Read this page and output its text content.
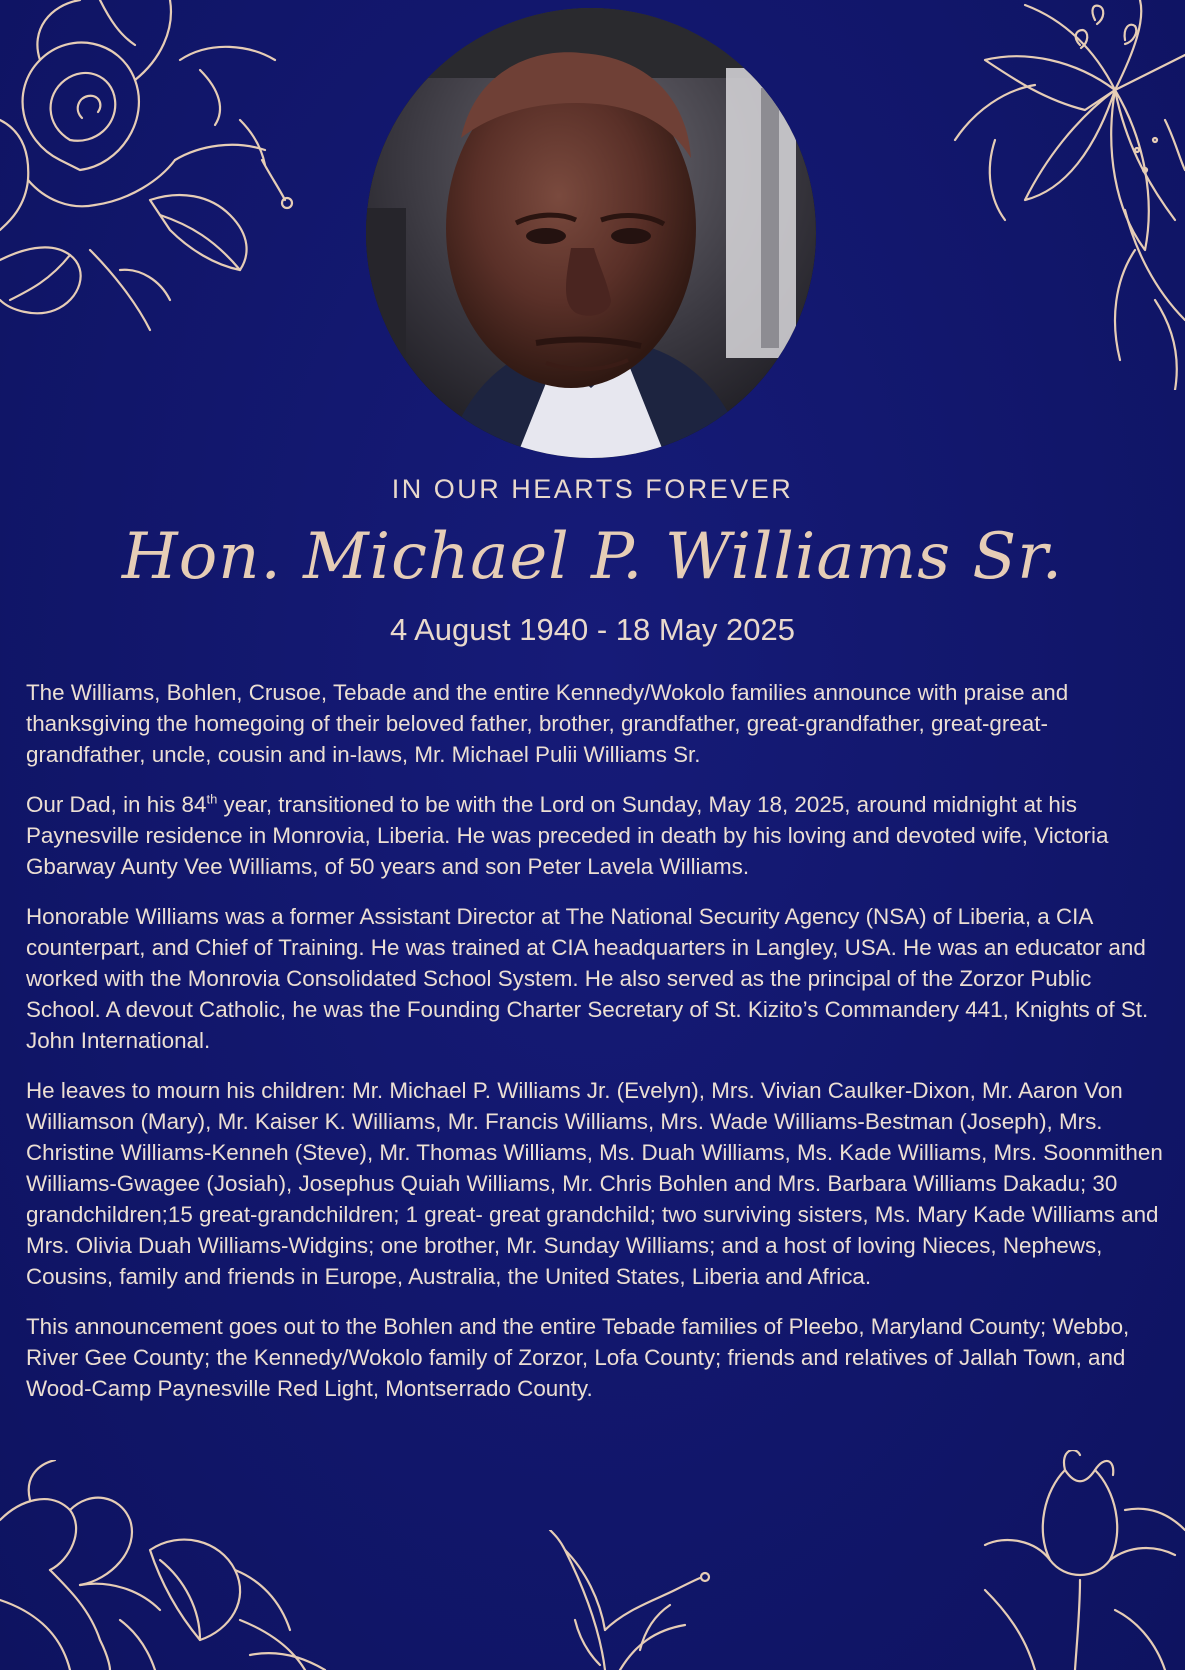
IN OUR HEARTS FOREVER
Hon. Michael P. Williams Sr.
4 August 1940 - 18 May 2025

The Williams, Bohlen, Crusoe, Tebade and the entire Kennedy/Wokolo families announce with praise and thanksgiving the homegoing of their beloved father, brother, grandfather, great-grandfather, great-great-grandfather, uncle, cousin and in-laws, Mr. Michael Pulii Williams Sr.

Our Dad, in his 84th year, transitioned to be with the Lord on Sunday, May 18, 2025, around midnight at his Paynesville residence in Monrovia, Liberia. He was preceded in death by his loving and devoted wife, Victoria Gbarway Aunty Vee Williams, of 50 years and son Peter Lavela Williams.

Honorable Williams was a former Assistant Director at The National Security Agency (NSA) of Liberia, a CIA counterpart, and Chief of Training. He was trained at CIA headquarters in Langley, USA. He was an educator and worked with the Monrovia Consolidated School System. He also served as the principal of the Zorzor Public School. A devout Catholic, he was the Founding Charter Secretary of St. Kizito’s Commandery 441, Knights of St. John International.

He leaves to mourn his children: Mr. Michael P. Williams Jr. (Evelyn), Mrs. Vivian Caulker-Dixon, Mr. Aaron Von Williamson (Mary), Mr. Kaiser K. Williams, Mr. Francis Williams, Mrs. Wade Williams-Bestman (Joseph), Mrs. Christine Williams-Kenneh (Steve), Mr. Thomas Williams, Ms. Duah Williams, Ms. Kade Williams, Mrs. Soonmithen Williams-Gwagee (Josiah), Josephus Quiah Williams, Mr. Chris Bohlen and Mrs. Barbara Williams Dakadu; 30 grandchildren;15 great-grandchildren; 1 great- great grandchild; two surviving sisters, Ms. Mary Kade Williams and Mrs. Olivia Duah Williams-Widgins; one brother, Mr. Sunday Williams; and a host of loving Nieces, Nephews, Cousins, family and friends in Europe, Australia, the United States, Liberia and Africa.

This announcement goes out to the Bohlen and the entire Tebade families of Pleebo, Maryland County; Webbo, River Gee County; the Kennedy/Wokolo family of Zorzor, Lofa County; friends and relatives of Jallah Town, and Wood-Camp Paynesville Red Light, Montserrado County.
